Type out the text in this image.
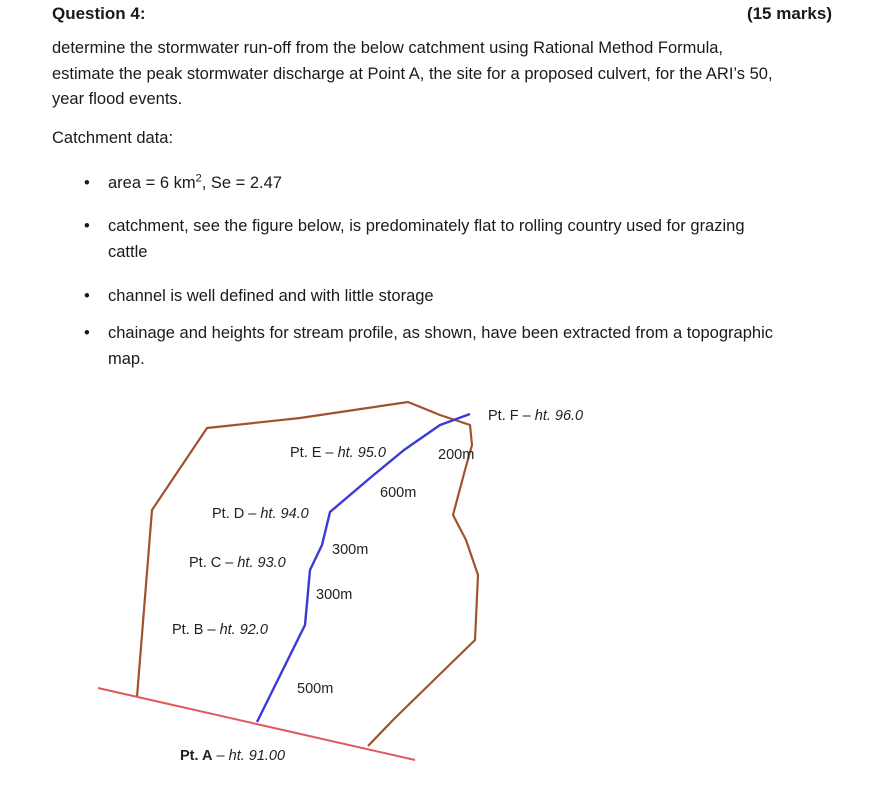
Question 4:	(15 marks)
determine the stormwater run-off from the below catchment using Rational Method Formula,
estimate the peak stormwater discharge at Point A, the site for a proposed culvert, for the ARI’s 50,
year flood events.
Catchment data:
• area = 6 $km^2$, Se = 2.47
• catchment, see the figure below, is predominately flat to rolling country used for grazing
cattle
• channel is well defined and with little storage
• chainage and heights for stream profile, as shown, have been extracted from a topographic
map.
Pt. F – ht. 96.0
Pt. E – ht. 95.0
Pt. D – ht. 94.0
Pt. C – ht. 93.0
Pt. B – ht. 92.0
Pt. A – ht. 91.00
200m
600m
300m
300m
500m
